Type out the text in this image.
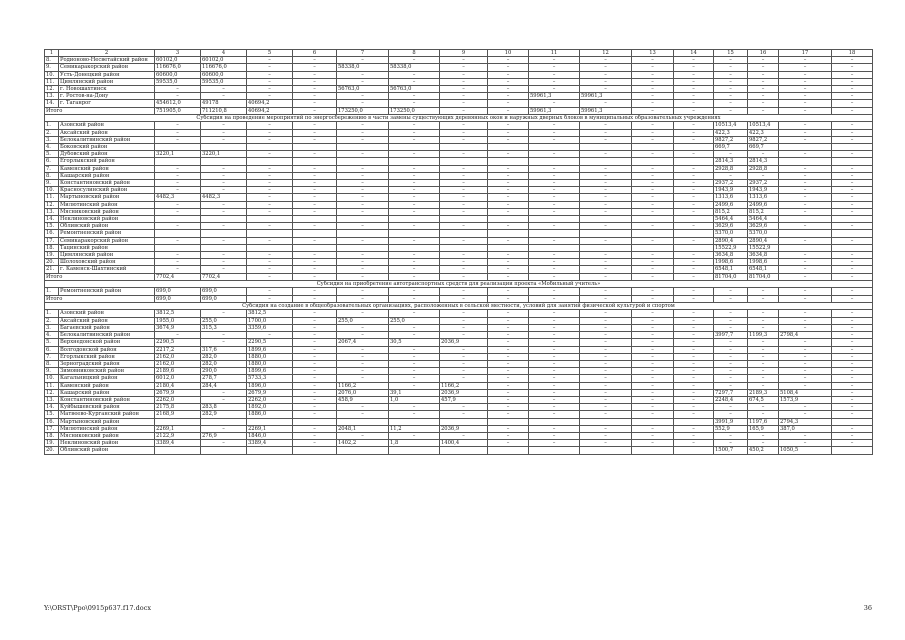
1	2	3	4	5	6	7	8	9	10	11	12	13	14	15	16	17	18
8.	Родионово-Несветайский район	60102,0	60102,0	–	–	–	–	–	–	–	–	–	–	–	–	–	–
9.	Семикаракорский район	116676,0	116676,0	–	–	58338,0	58338,0	–	–	–	–	–	–	–	–	–	–
10.	Усть-Донецкий район	60600,0	60600,0	–	–	–	–	–	–	–	–	–	–	–	–	–	–
11.	Цимлянский район	59535,0	59535,0	–	–	–	–	–	–	–	–	–	–	–	–	–	–
12.	г. Новошахтинск	–	–	–	–	56763,0	56763,0	–	–	–	–	–	–	–	–	–	–
13.	г. Ростов-на-Дону	–	–	–	–	–	–	–	–	59961,3	59961,3	–	–	–	–	–	–
14.	г. Таганрог	454612,0	49178	40694,2	–	–	–	–	–	–	–	–	–	–	–	–	–
Итого		751905,0	711210,8	40694,2	–	173250,0	173250,0	–	–	59961,3	59961,3	–	–	–	–	–	–
Субсидия на проведение мероприятий по энергосбережению в части замены существующих деревянных окон и наружных дверных блоков в муниципальных образовательных учреждениях																	
1.	Азовский район	–	–	–	–	–	–	–	–	–	–	–	–	10513,4	10513,4	–	–
2.	Аксайский район	–	–	–	–	–	–	–	–	–	–	–	–	422,3	422,3	–	–
3.	Белокалитвинский район	–	–	–	–	–	–	–	–	–	–	–	–	9827,2	9827,2	–	–
4.	Боковский район													669,7	669,7		
5.	Дубовский район	3220,1	3220,1	–	–	–	–	–	–	–	–	–	–	–	–	–	–
6.	Егорлыкский район													2814,3	2814,3		
7.	Каменский район	–	–	–	–	–	–	–	–	–	–	–	–	2928,8	2928,8	–	–
8.	Кашарский район	–	–	–	–	–	–	–	–	–	–	–	–	–	–	–	–
9.	Константиновский район	–	–	–	–	–	–	–	–	–	–	–	–	2937,2	2937,2	–	–
10.	Красносулинский район	–	–	–	–	–	–	–	–	–	–	–	–	1943,9	1943,9	–	–
11.	Мартыновский район	4482,3	4482,3	–	–	–	–	–	–	–	–	–	–	1313,6	1313,6	–	–
12.	Милютинский район	–	–	–	–	–	–	–	–	–	–	–	–	2499,6	2499,6	–	–
13.	Мясниковский район	–	–	–	–	–	–	–	–	–	–	–	–	815,2	815,2	–	–
14.	Неклиновский район													5464,4	5464,4		
15.	Обливский район	–	–	–	–	–	–	–	–	–	–	–	–	3629,6	3629,6	–	–
16.	Ремонтненский район													5370,0	5370,0		
17.	Семикаракорский район	–	–	–	–	–	–	–	–	–	–	–	–	2890,4	2890,4	–	–
18.	Тацинский район													15522,9	15522,9		
19.	Цимлянский район	–	–	–	–	–	–	–	–	–	–	–	–	3634,8	3634,8	–	–
20.	Шолоховский район	–	–	–	–	–	–	–	–	–	–	–	–	1998,6	1998,6	–	–
21.	г. Каменск-Шахтинский	–	–	–	–	–	–	–	–	–	–	–	–	6548,1	6548,1	–	–
Итого		7702,4	7702,4	–	–	–	–	–	–	–	–	–	–	81704,0	81704,0	–	–
Субсидия на приобретение автотранспортных средств для реализации проекта «Мобильный учитель»																	
1.	Ремонтненский район	699,0	699,0	–	–	–	–	–	–	–	–	–	–	–	–	–	–
Итого		699,0	699,0	–	–	–	–	–	–	–	–	–	–	–	–	–	–
Субсидия на создание в общеобразовательных организациях, расположенных в сельской местности, условий для занятий физической культурой и спортом																	
1.	Азовский район	3812,5	–	3812,5	–	–	–	–	–	–	–	–	–	–	–	–	–
2.	Аксайский район	1955,0	255,0	1700,0	–	255,0	255,0	–	–	–	–	–	–	–	–	–	–
3.	Багаевский район	3674,9	315,3	3359,6	–	–	–	–	–	–	–	–	–	–	–	–	–
4.	Белокалитвинский район	–	–	–	–	–	–	–	–	–	–	–	–	3997,7	1199,3	2798,4	–
5.	Верхнедонской район	2290,5	–	2290,5	–	2067,4	30,5	2036,9	–	–	–	–	–	–	–	–	–
6.	Волгодонской район	2217,2	317,6	1899,6	–	–	–	–	–	–	–	–	–	–	–	–	–
7.	Егорлыкский район	2162,0	282,0	1880,0	–	–	–	–	–	–	–	–	–	–	–	–	–
8.	Зерноградский район	2162,0	282,0	1880,0	–	–	–	–	–	–	–	–	–	–	–	–	–
9.	Зимовниковский район	2189,6	290,0	1899,6	–	–	–	–	–	–	–	–	–	–	–	–	–
10.	Кагальницкий район	6012,0	278,7	5733,3	–	–	–	–	–	–	–	–	–	–	–	–	–
11.	Каменский район	2180,4	284,4	1896,0	–	1166,2	–	1166,2	–	–	–	–	–	–	–	–	–
12.	Кашарский район	2679,9	–	2679,9	–	2076,0	39,1	2036,9	–	–	–	–	–	7297,7	2189,3	5108,4	–
13.	Константиновский район	2262,0	–	2262,0	–	458,9	1,0	457,9	–	–	–	–	–	2248,4	674,5	1573,9	–
14.	Куйбышевский район	2175,8	283,8	1892,0	–	–	–	–	–	–	–	–	–	–	–	–	–
15.	Матвеево-Курганский район	2168,9	282,9	1886,0	–	–	–	–	–	–	–	–	–	–	–	–	–
16.	Мартыновский район													3991,9	1197,6	2794,3	
17.	Милютинский район	2269,1	–	2269,1	–	2048,1	11,2	2036,9	–	–	–	–	–	552,9	165,9	387,0	–
18.	Мясниковский район	2122,9	276,9	1846,0	–	–	–	–	–	–	–	–	–	–	–	–	–
19.	Неклиновский район	3389,4	–	3389,4	–	1402,2	1,8	1400,4	–	–	–	–	–	–	–	–	–
20.	Обливский район													1500,7	450,2	1050,5	
Y:\ORST\Ppo\0915p637.f17.docx	36
